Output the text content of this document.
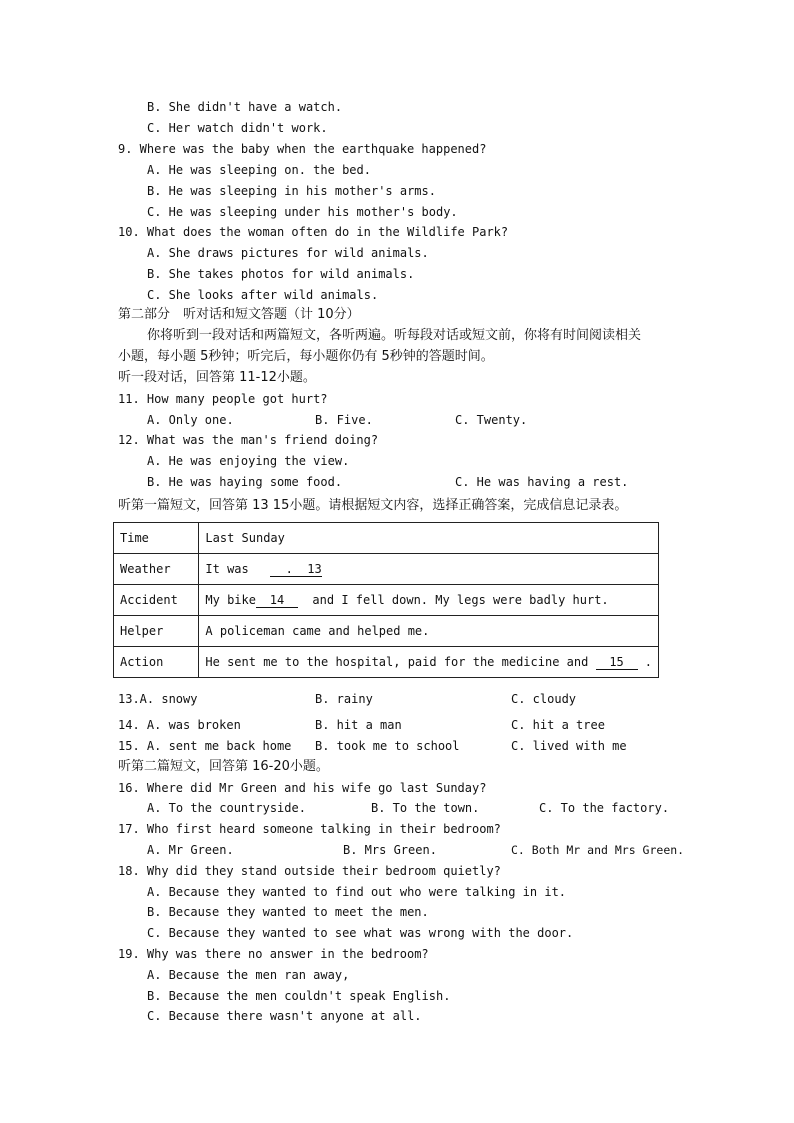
B. She didn't have a watch.
C. Her watch didn't work.
9. Where was the baby when the earthquake happened?
A. He was sleeping on. the bed.
B. He was sleeping in his mother's arms.
C. He was sleeping under his mother's body.
10. What does the woman often do in the Wildlife Park?
A. She draws pictures for wild animals.
B. She takes photos for wild animals.
C. She looks after wild animals.
第二部分　听对话和短文答题（计 10分）
你将听到一段对话和两篇短文，各听两遍。听每段对话或短文前，你将有时间阅读相关
小题，每小题 5秒钟；听完后，每小题你仍有 5秒钟的答题时间。
听一段对话，回答第 11-12小题。
11. How many people got hurt?
A. Only one.	B. Five.	C. Twenty.
12. What was the man's friend doing?
A. He was enjoying the view.
B. He was haying some food.	C. He was having a rest.
听第一篇短文，回答第 13 15小题。请根据短文内容，选择正确答案，完成信息记录表。
Time	Last Sunday
Weather	It was     .  13
Accident	My bike 14   and I fell down. My legs were badly hurt.
Helper	A policeman came and helped me.
Action	He sent me to the hospital, paid for the medicine and  15  .
13.A. snowy	B. rainy	C. cloudy
14. A. was broken	B. hit a man	C. hit a tree
15. A. sent me back home B. took me to school	C. lived with me
听第二篇短文，回答第 16-20小题。
16. Where did Mr Green and his wife go last Sunday?
A. To the countryside.	B. To the town.	C. To the factory.
17. Who first heard someone talking in their bedroom?
A. Mr Green.	B. Mrs Green.	C. Both Mr and Mrs Green.
18. Why did they stand outside their bedroom quietly?
A. Because they wanted to find out who were talking in it.
B. Because they wanted to meet the men.
C. Because they wanted to see what was wrong with the door.
19. Why was there no answer in the bedroom?
A. Because the men ran away,
B. Because the men couldn't speak English.
C. Because there wasn't anyone at all.
